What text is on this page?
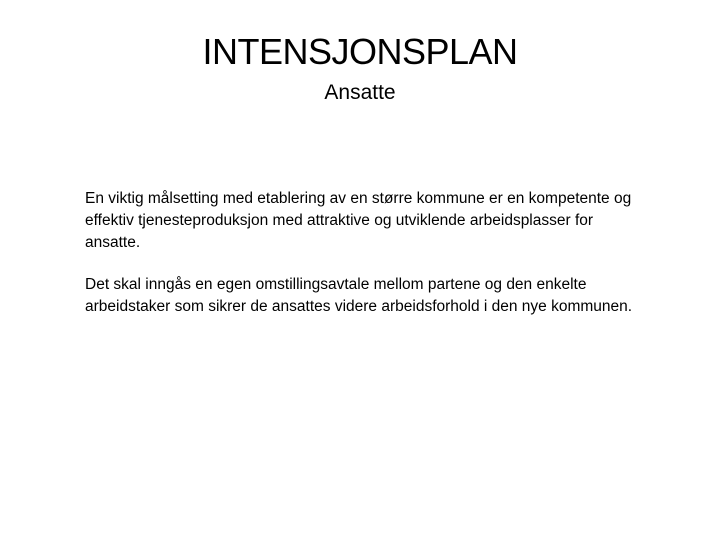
INTENSJONSPLAN
Ansatte

En viktig målsetting med etablering av en større kommune er en kompetente og effektiv tjenesteproduksjon med attraktive og utviklende arbeidsplasser for ansatte.

Det skal inngås en egen omstillingsavtale mellom partene og den enkelte arbeidstaker som sikrer de ansattes videre arbeidsforhold i den nye kommunen.
